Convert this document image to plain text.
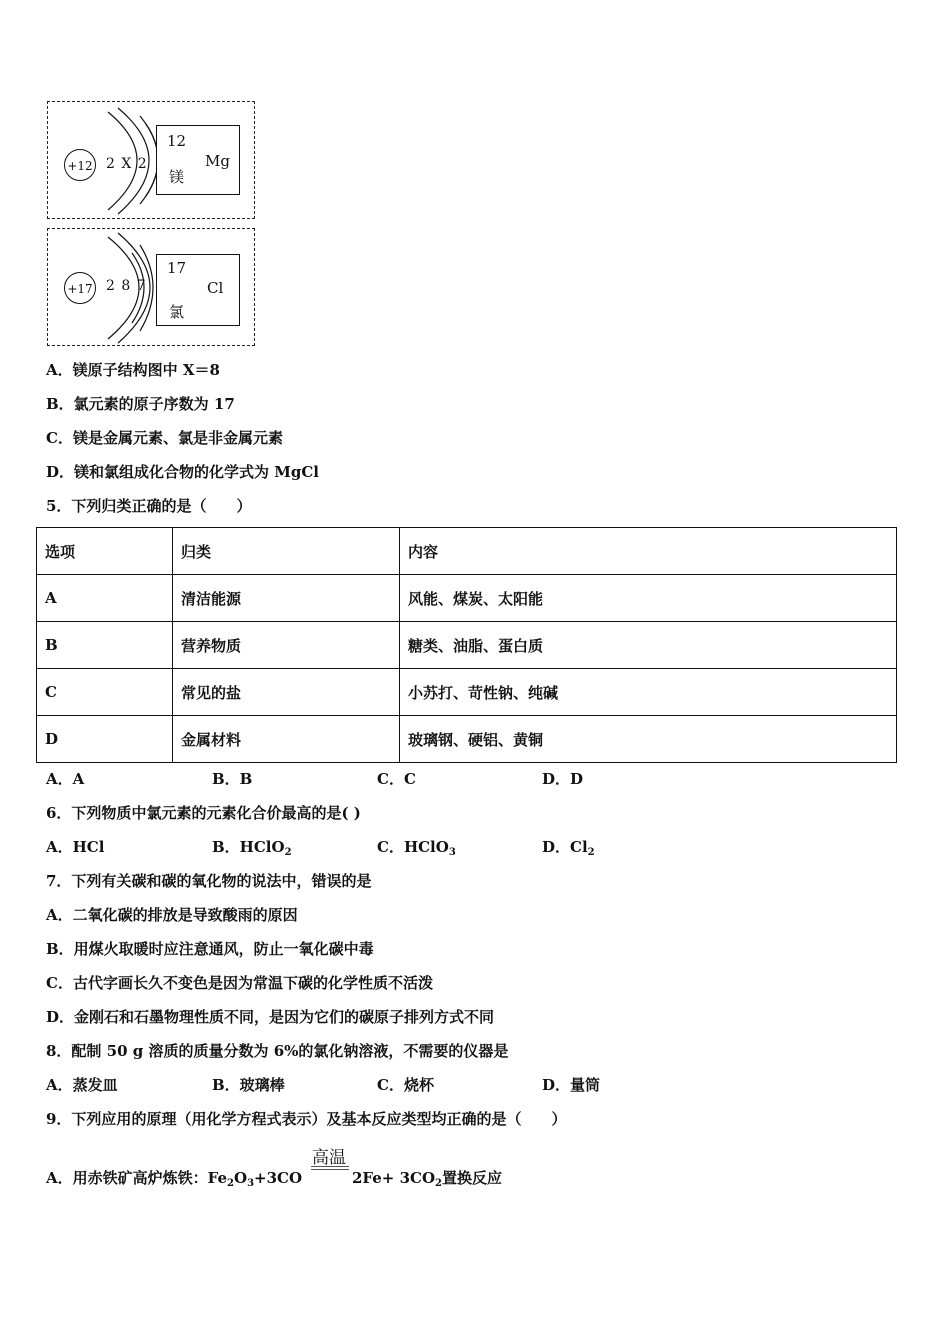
+12 2 X 2
12
Mg
镁
+17 2 8 7
17
Cl
氯
A．镁原子结构图中 X＝8
B．氯元素的原子序数为 17
C．镁是金属元素、氯是非金属元素
D．镁和氯组成化合物的化学式为 MgCl
5．下列归类正确的是（　　）
选项	归类	内容
A	清洁能源	风能、煤炭、太阳能
B	营养物质	糖类、油脂、蛋白质
C	常见的盐	小苏打、苛性钠、纯碱
D	金属材料	玻璃钢、硬铝、黄铜
A．A	B．B	C．C	D．D
6．下列物质中氯元素的元素化合价最高的是( )
A．HCl	B．HClO$_2$	C．HClO$_3$	D．$Cl_2$
7．下列有关碳和碳的氧化物的说法中，错误的是
A．二氧化碳的排放是导致酸雨的原因
B．用煤火取暖时应注意通风，防止一氧化碳中毒
C．古代字画长久不变色是因为常温下碳的化学性质不活泼
D．金刚石和石墨物理性质不同，是因为它们的碳原子排列方式不同
8．配制 50 g 溶质的质量分数为 6%的氯化钠溶液，不需要的仪器是
A．蒸发皿	B．玻璃棒	C．烧杯	D．量筒
9．下列应用的原理（用化学方程式表示）及基本反应类型均正确的是（　　）
高温
A．用赤铁矿高炉炼铁：$Fe_2O_3+3CO$	$2Fe+ 3CO_2$置换反应
